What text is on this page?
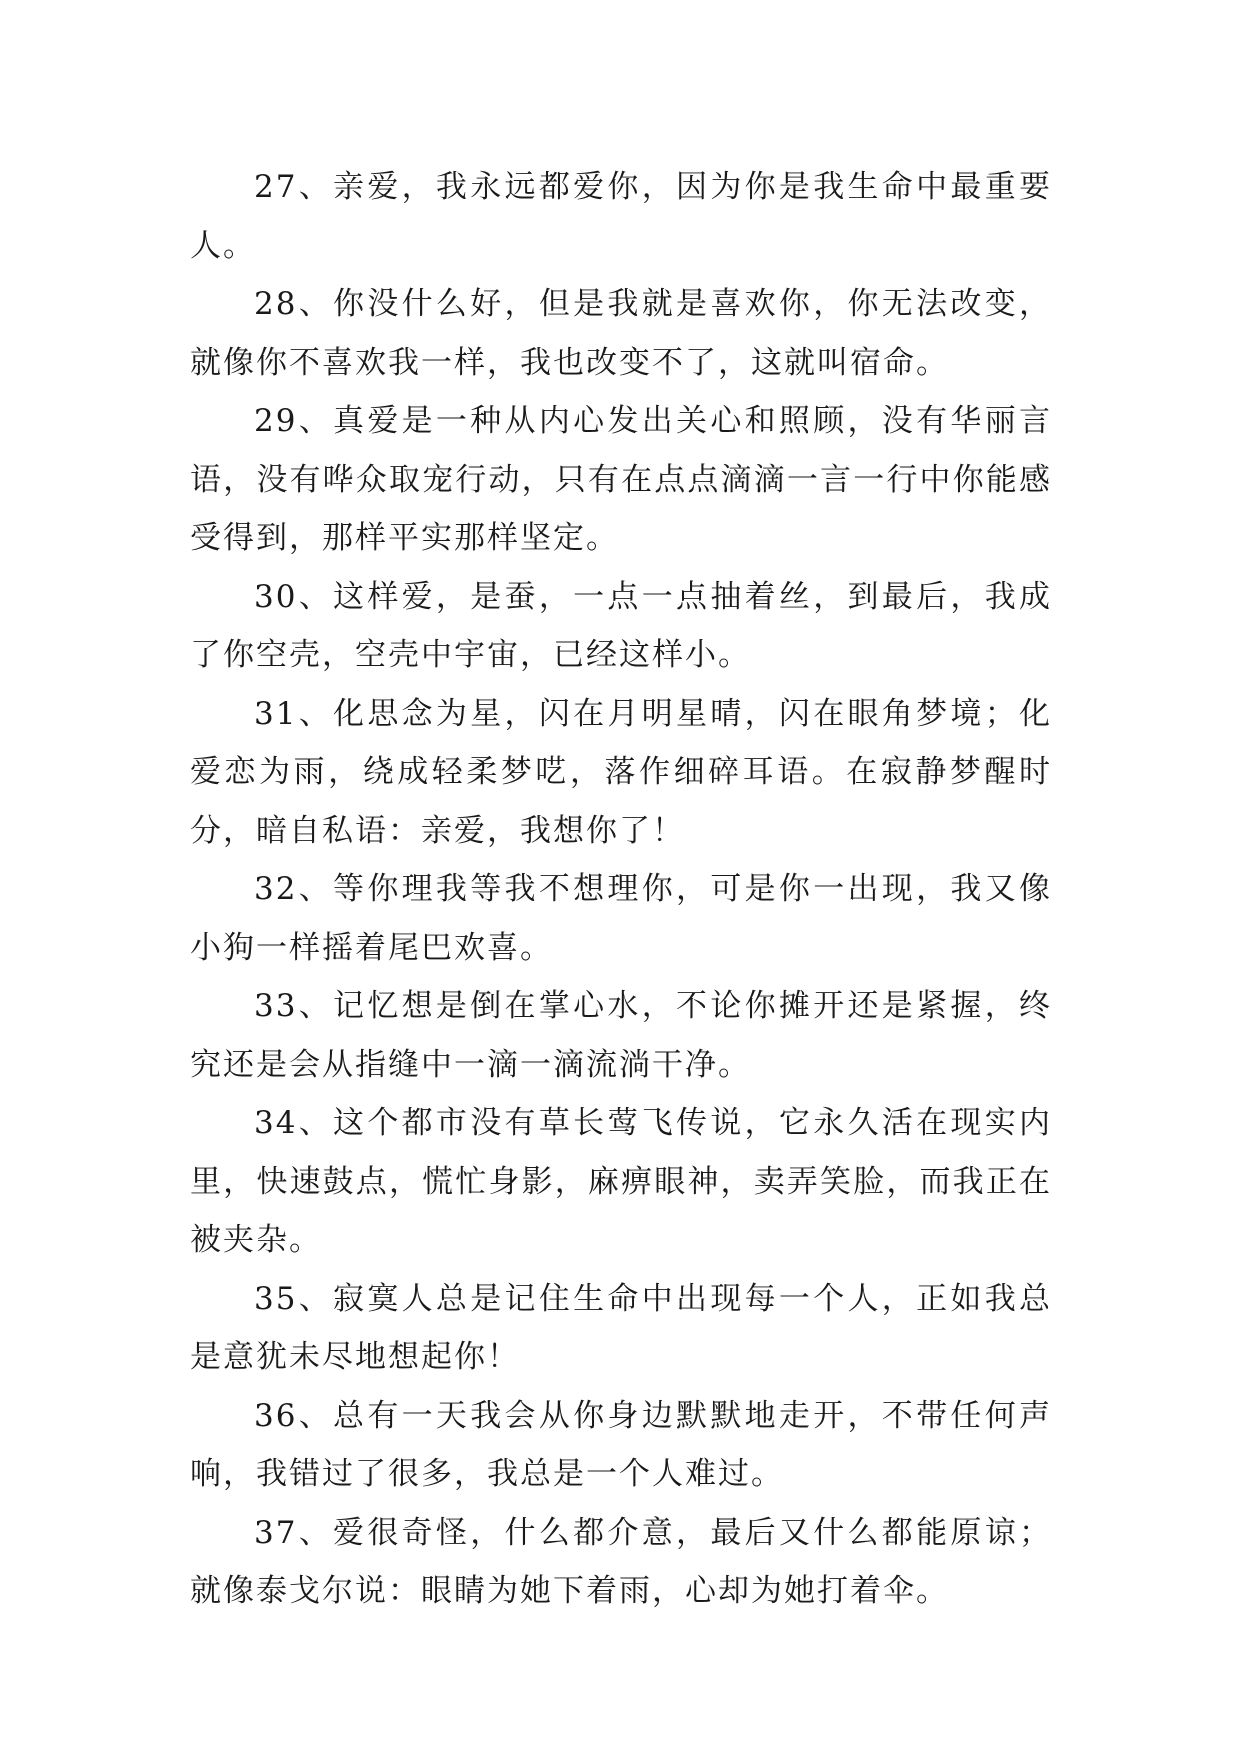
27、亲爱，我永远都爱你，因为你是我生命中最重要人。

28、你没什么好，但是我就是喜欢你，你无法改变，就像你不喜欢我一样，我也改变不了，这就叫宿命。

29、真爱是一种从内心发出关心和照顾，没有华丽言语，没有哗众取宠行动，只有在点点滴滴一言一行中你能感受得到，那样平实那样坚定。

30、这样爱，是蚕，一点一点抽着丝，到最后，我成了你空壳，空壳中宇宙，已经这样小。

31、化思念为星，闪在月明星晴，闪在眼角梦境；化爱恋为雨，绕成轻柔梦呓，落作细碎耳语。在寂静梦醒时分，暗自私语：亲爱，我想你了！

32、等你理我等我不想理你，可是你一出现，我又像小狗一样摇着尾巴欢喜。

33、记忆想是倒在掌心水，不论你摊开还是紧握，终究还是会从指缝中一滴一滴流淌干净。

34、这个都市没有草长莺飞传说，它永久活在现实内里，快速鼓点，慌忙身影，麻痹眼神，卖弄笑脸，而我正在被夹杂。

35、寂寞人总是记住生命中出现每一个人，正如我总是意犹未尽地想起你！

36、总有一天我会从你身边默默地走开，不带任何声响，我错过了很多，我总是一个人难过。

37、爱很奇怪，什么都介意，最后又什么都能原谅；就像泰戈尔说：眼睛为她下着雨，心却为她打着伞。
